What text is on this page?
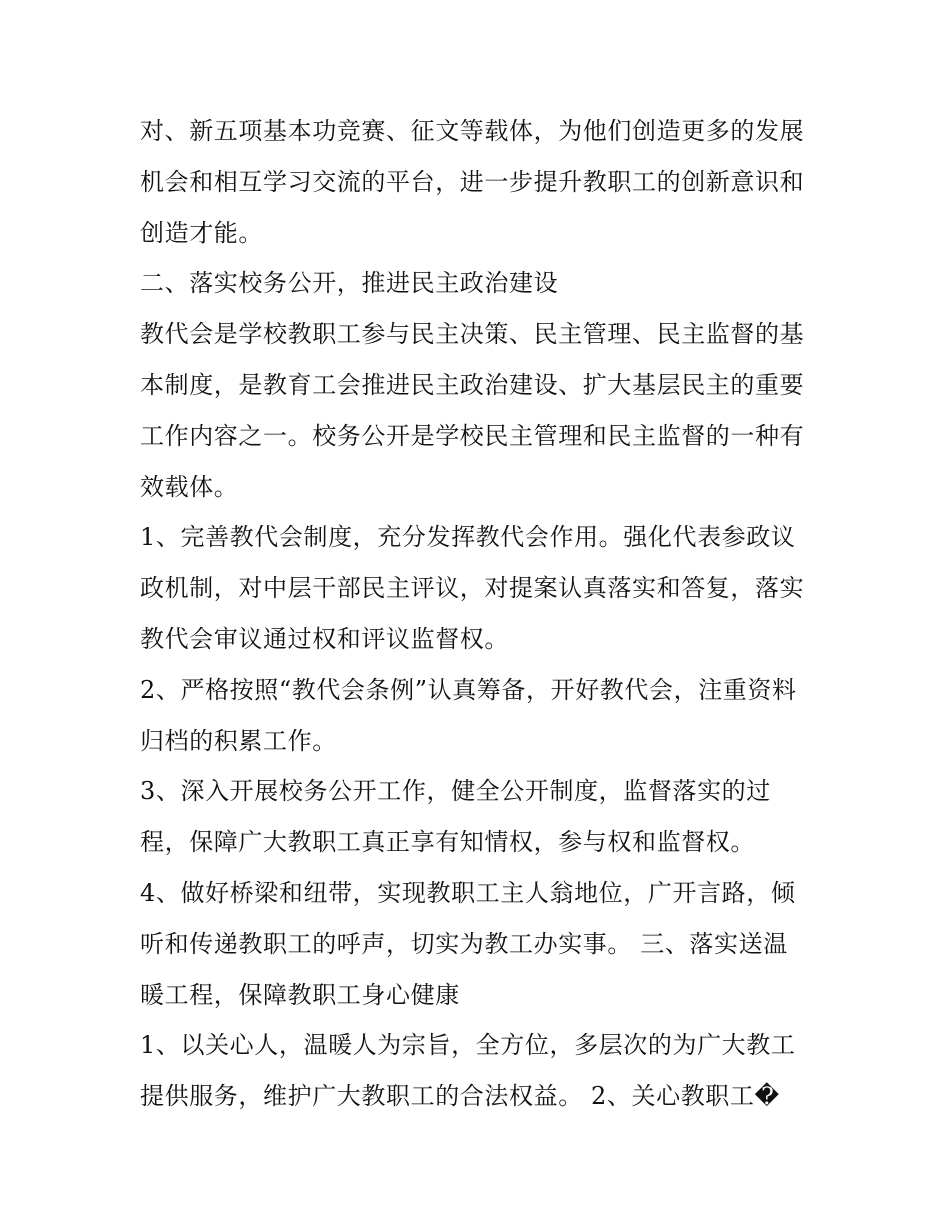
对、新五项基本功竞赛、征文等载体，为他们创造更多的发展
机会和相互学习交流的平台，进一步提升教职工的创新意识和
创造才能。
二、落实校务公开，推进民主政治建设
教代会是学校教职工参与民主决策、民主管理、民主监督的基
本制度，是教育工会推进民主政治建设、扩大基层民主的重要
工作内容之一。校务公开是学校民主管理和民主监督的一种有
效载体。
1、完善教代会制度，充分发挥教代会作用。强化代表参政议
政机制，对中层干部民主评议，对提案认真落实和答复，落实
教代会审议通过权和评议监督权。
2、严格按照“教代会条例”认真筹备，开好教代会，注重资料
归档的积累工作。
3、深入开展校务公开工作，健全公开制度，监督落实的过
程，保障广大教职工真正享有知情权，参与权和监督权。
4、做好桥梁和纽带，实现教职工主人翁地位，广开言路，倾
听和传递教职工的呼声，切实为教工办实事。 三、落实送温
暖工程，保障教职工身心健康
1、以关心人，温暖人为宗旨，全方位，多层次的为广大教工
提供服务，维护广大教职工的合法权益。 2、关心教职工�
